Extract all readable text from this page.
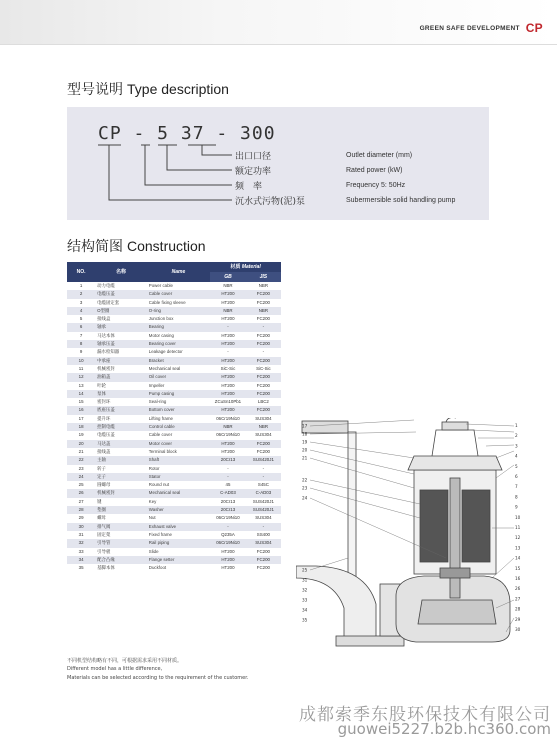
GREEN SAFE DEVELOPMENT CP
型号说明 Type description
出口口径
额定功率
频　率
沉水式污物(泥)泵
CP - 5 37 - 300
Outlet diameter (mm)
Rated power (kW)
Frequency 5: 50Hz
Subermersible solid handling pump
结构简图 Construction
NO.	名称	Name	材质 Material	
			GB	JIS
1	动力电缆	Power cable	NBR	NBR
2	电缆压盖	Cable cover	HT200	FC200
3	电缆固定套	Cable fixing sleeve	HT200	FC200
4	O型圈	O-ring	NBR	NBR
5	接线盒	Junction box	HT200	FC200
6	轴承	Bearing	-	-
7	马达本体	Motor casing	HT200	FC200
8	轴承压盖	Bearing cover	HT200	FC200
9	漏水检知器	Leakage detector	-	-
10	中承座	Bracket	HT200	FC200
11	机械密封	Mechanical seal	SiC-Sic	SiC-Sic
12	油箱盖	Oil cover	HT200	FC200
13	叶轮	Impeller	HT200	FC200
14	泵体	Pump casing	HT200	FC200
15	密封环	Seal-ring	ZCuSn10Pb1	LBC2
16	底座压盖	Bottom cover	HT200	FC200
17	提升环	Lifting frame	06Cr19Ni10	SUS304
18	控制电缆	Control cable	NBR	NBR
19	电缆压盖	Cable cover	06Cr19Ni10	SUS304
20	马达盖	Motor cover	HT200	FC200
21	接线盖	Terminal block	HT200	FC200
22	主轴	Shaft	20Cr13	SUS420J1
23	转子	Rotor	-	-
24	定子	Stator	-	-
25	圆螺母	Round nut	45	S45C
26	机械密封	Mechanical seal	C-AD03	C-AD03
27	键	Key	20Cr13	SUS420J1
28	垫圈	Washer	20Cr13	SUS420J1
29	螺母	Nut	06Cr19Ni10	SUS304
30	排气阀	Exhaust valve	-	-
31	固定架	Fixed frame	Q235A	SS400
32	引导管	Rail piping	06Cr19Ni10	SUS304
33	引导板	Slide	HT200	FC200
34	配合凸缘	Flange setter	HT200	FC200
35	基脚本体	Duckfoot	HT200	FC200
不同机型结构略有不同，可根据需求采用不同材质。
Different model has a little difference,
Materials can be selected according to the requirement of the customer.
17
18
19
20
21
22
23
24
25
31
32
33
34
35
1
2
3
4
5
6
7
8
9
10
11
12
13
14
15
16
26
27
28
29
30
成都索季东股环保技术有限公司
guowei5227.b2b.hc360.com
